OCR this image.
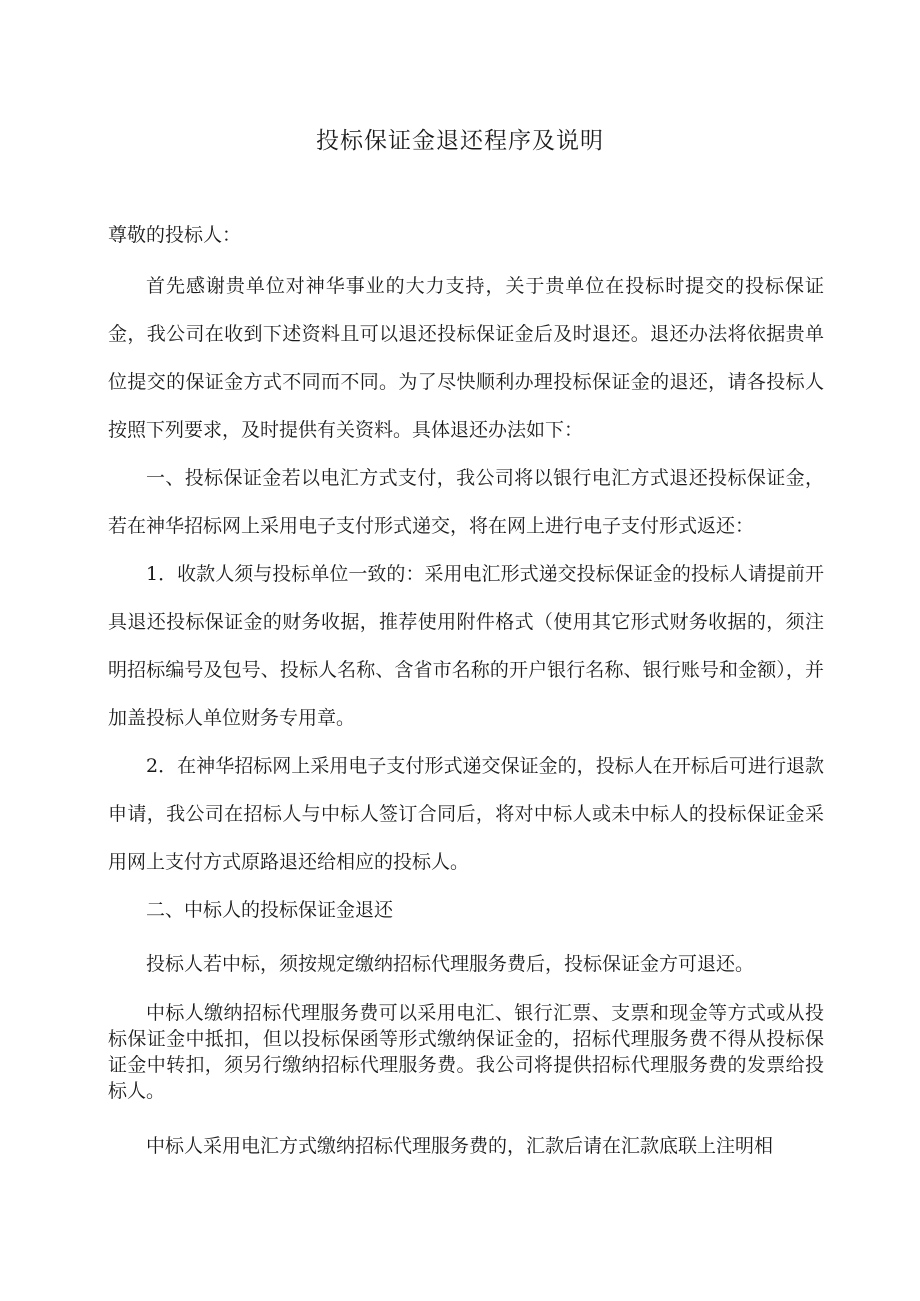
投标保证金退还程序及说明
尊敬的投标人：

首先感谢贵单位对神华事业的大力支持，关于贵单位在投标时提交的投标保证金，我公司在收到下述资料且可以退还投标保证金后及时退还。退还办法将依据贵单位提交的保证金方式不同而不同。为了尽快顺利办理投标保证金的退还，请各投标人按照下列要求，及时提供有关资料。具体退还办法如下：

一、投标保证金若以电汇方式支付，我公司将以银行电汇方式退还投标保证金，若在神华招标网上采用电子支付形式递交，将在网上进行电子支付形式返还：

1．收款人须与投标单位一致的：采用电汇形式递交投标保证金的投标人请提前开具退还投标保证金的财务收据，推荐使用附件格式（使用其它形式财务收据的，须注明招标编号及包号、投标人名称、含省市名称的开户银行名称、银行账号和金额），并加盖投标人单位财务专用章。

2．在神华招标网上采用电子支付形式递交保证金的，投标人在开标后可进行退款申请，我公司在招标人与中标人签订合同后，将对中标人或未中标人的投标保证金采用网上支付方式原路退还给相应的投标人。

二、中标人的投标保证金退还

投标人若中标，须按规定缴纳招标代理服务费后，投标保证金方可退还。

中标人缴纳招标代理服务费可以采用电汇、银行汇票、支票和现金等方式或从投标保证金中抵扣，但以投标保函等形式缴纳保证金的，招标代理服务费不得从投标保证金中转扣，须另行缴纳招标代理服务费。我公司将提供招标代理服务费的发票给投标人。

中标人采用电汇方式缴纳招标代理服务费的，汇款后请在汇款底联上注明相
